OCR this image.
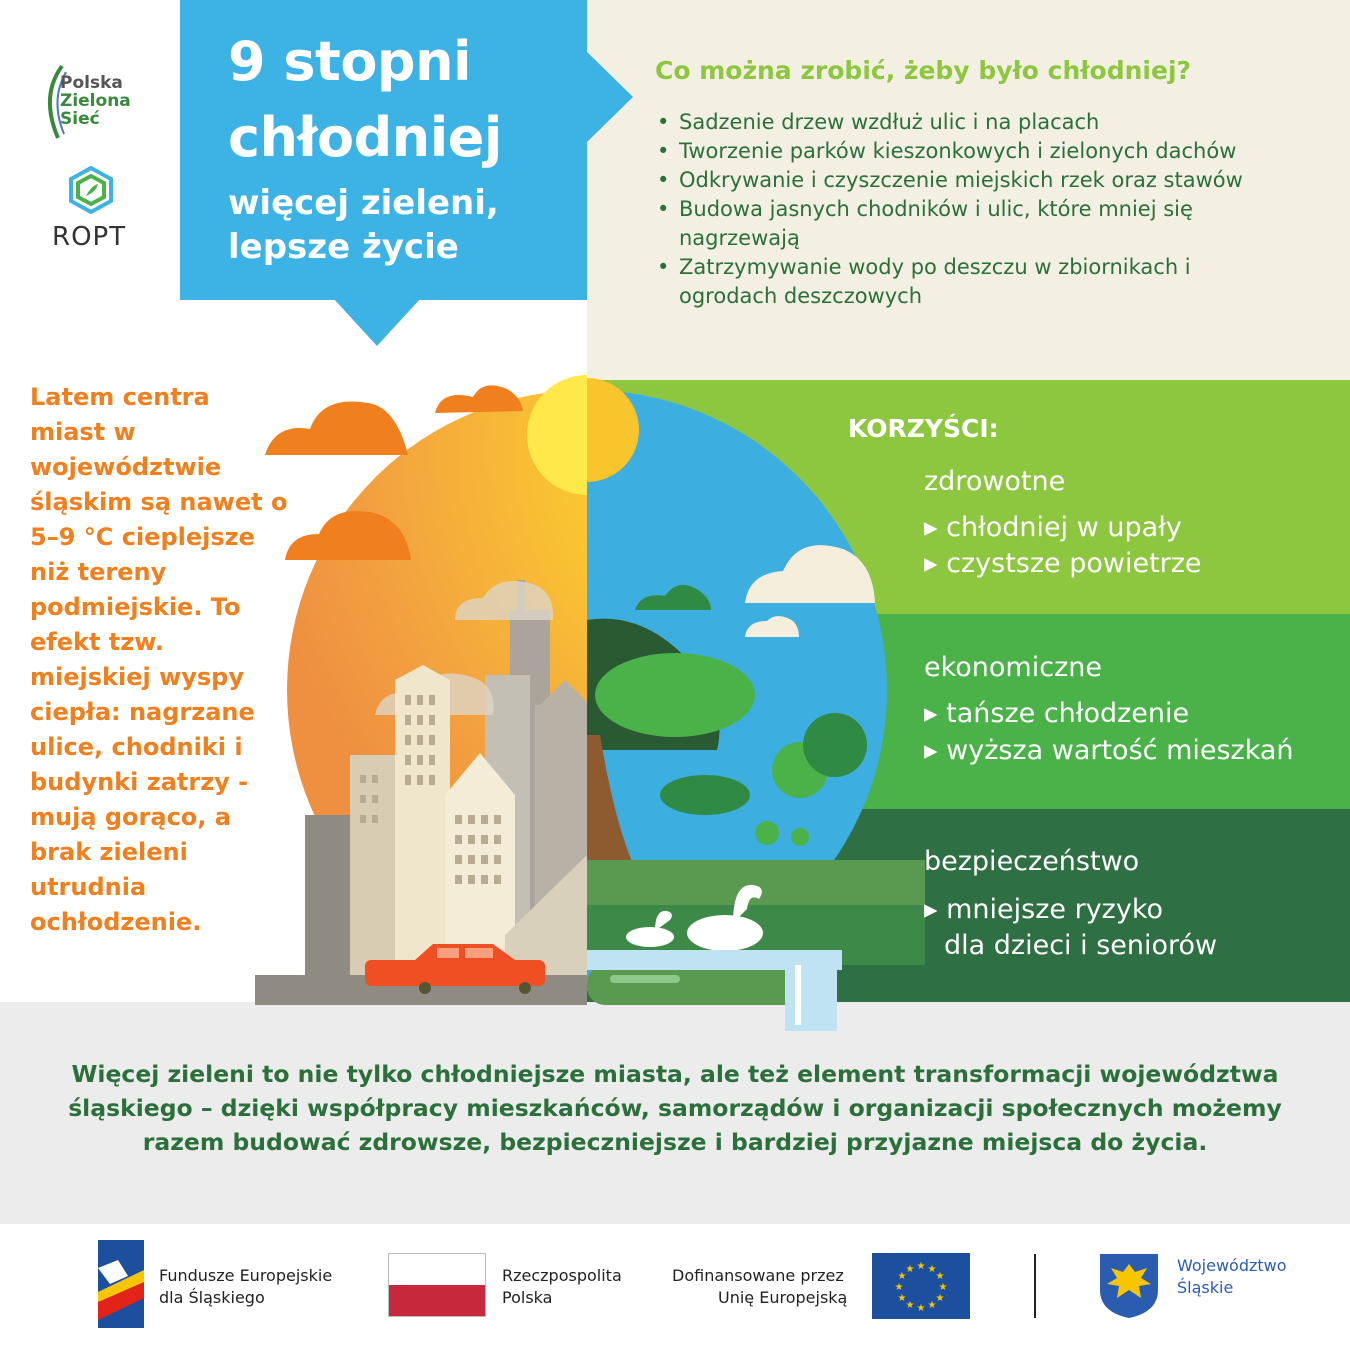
9 stopni
chłodniej
więcej zieleni,
lepsze życie
Polska
Zielona
Sieć
ROPT
Co można zrobić, żeby było chłodniej?
• Sadzenie drzew wzdłuż ulic i na placach
• Tworzenie parków kieszonkowych i zielonych dachów
• Odkrywanie i czyszczenie miejskich rzek oraz stawów
• Budowa jasnych chodników i ulic, które mniej się nagrzewają
• Zatrzymywanie wody po deszczu w zbiornikach i ogrodach deszczowych
Latem centra miast w województwie śląskim są nawet o 5–9 °C cieplejsze niż tereny podmiejskie. To efekt tzw. miejskiej wyspy ciepła: nagrzane ulice, chodniki i budynki zatrzy - mują gorąco, a brak zieleni utrudnia ochłodzenie.
KORZYŚCI:
zdrowotne
▸ chłodniej w upały
▸ czystsze powietrze
ekonomiczne
▸ tańsze chłodzenie
▸ wyższa wartość mieszkań
bezpieczeństwo
▸ mniejsze ryzyko
dla dzieci i seniorów
Więcej zieleni to nie tylko chłodniejsze miasta, ale też element transformacji województwa śląskiego – dzięki współpracy mieszkańców, samorządów i organizacji społecznych możemy razem budować zdrowsze, bezpieczniejsze i bardziej przyjazne miejsca do życia.
Fundusze Europejskie
dla Śląskiego
Rzeczpospolita
Polska
Dofinansowane przez
Unię Europejską
★ ★
★
★
★
★
★
★
★
★
★
★	Województwo
Śląskie
